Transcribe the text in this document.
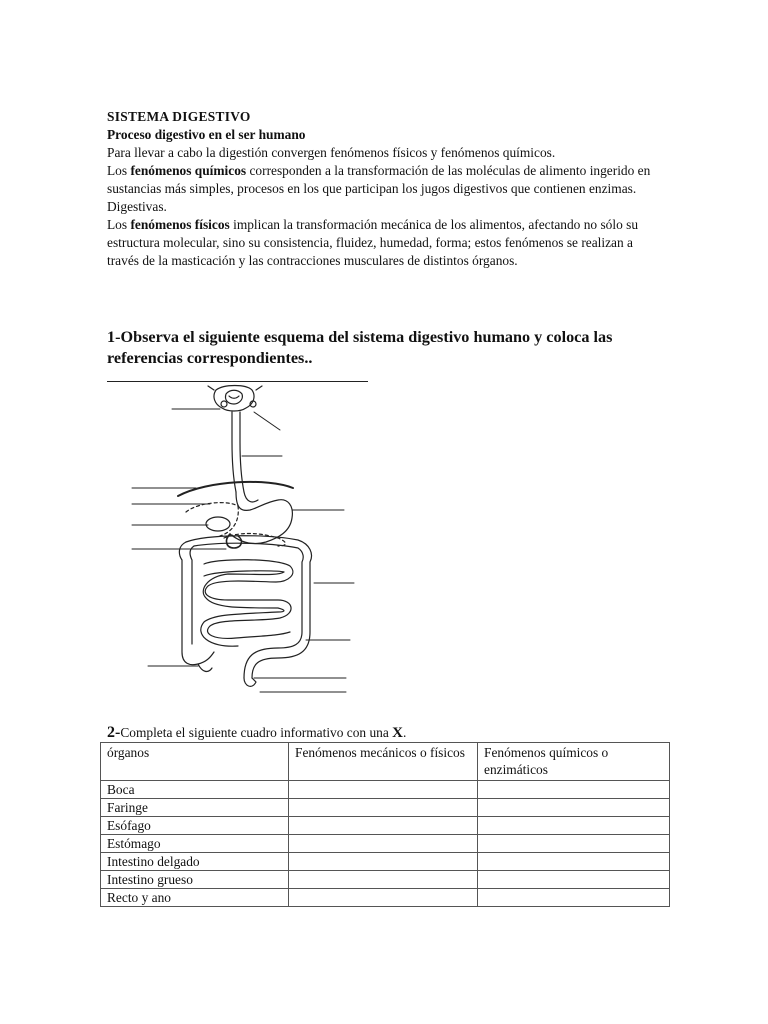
SISTEMA DIGESTIVO

Proceso digestivo en el ser humano

Para llevar a cabo la digestión convergen fenómenos físicos y fenómenos químicos.

Los fenómenos químicos corresponden a la transformación de las moléculas de alimento ingerido en sustancias más simples, procesos en los que participan los jugos digestivos que contienen enzimas.

Digestivas.

Los fenómenos físicos implican la transformación mecánica de los alimentos, afectando no sólo su estructura molecular, sino su consistencia, fluidez, humedad, forma; estos fenómenos se realizan a través de la masticación y las contracciones musculares de distintos órganos.

1-Observa el siguiente esquema del sistema digestivo humano y coloca las referencias correspondientes..
2-Completa el siguiente cuadro informativo con una X.
órganos	Fenómenos mecánicos o físicos	Fenómenos químicos o enzimáticos
Boca		
Faringe		
Esófago		
Estómago		
Intestino delgado		
Intestino grueso		
Recto y ano		
